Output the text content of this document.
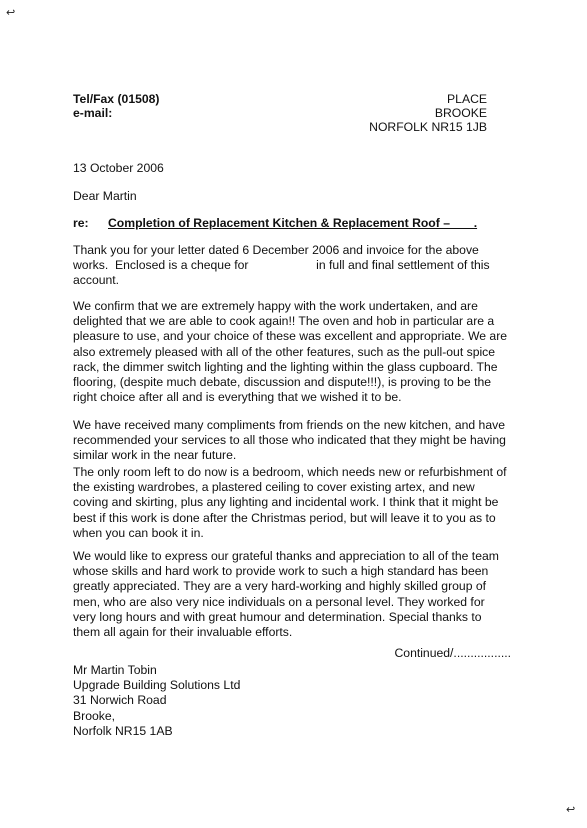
↩
↩
Tel/Fax (01508)
e-mail:
PLACE
BROOKE
NORFOLK NR15 1JB
13 October 2006
Dear Martin
re: Completion of Replacement Kitchen & Replacement Roof – _ _ .
Thank you for your letter dated 6 December 2006 and invoice for the above
works.  Enclosed is a cheque for                    in full and final settlement of this
account.
We confirm that we are extremely happy with the work undertaken, and are
delighted that we are able to cook again!! The oven and hob in particular are a
pleasure to use, and your choice of these was excellent and appropriate. We are
also extremely pleased with all of the other features, such as the pull-out spice
rack, the dimmer switch lighting and the lighting within the glass cupboard. The
flooring, (despite much debate, discussion and dispute!!!), is proving to be the
right choice after all and is everything that we wished it to be.
We have received many compliments from friends on the new kitchen, and have
recommended your services to all those who indicated that they might be having
similar work in the near future.
The only room left to do now is a bedroom, which needs new or refurbishment of
the existing wardrobes, a plastered ceiling to cover existing artex, and new
coving and skirting, plus any lighting and incidental work. I think that it might be
best if this work is done after the Christmas period, but will leave it to you as to
when you can book it in.
We would like to express our grateful thanks and appreciation to all of the team
whose skills and hard work to provide work to such a high standard has been
greatly appreciated. They are a very hard-working and highly skilled group of
men, who are also very nice individuals on a personal level. They worked for
very long hours and with great humour and determination. Special thanks to
them all again for their invaluable efforts.
Continued/.................
Mr Martin Tobin
Upgrade Building Solutions Ltd
31 Norwich Road
Brooke,
Norfolk NR15 1AB
